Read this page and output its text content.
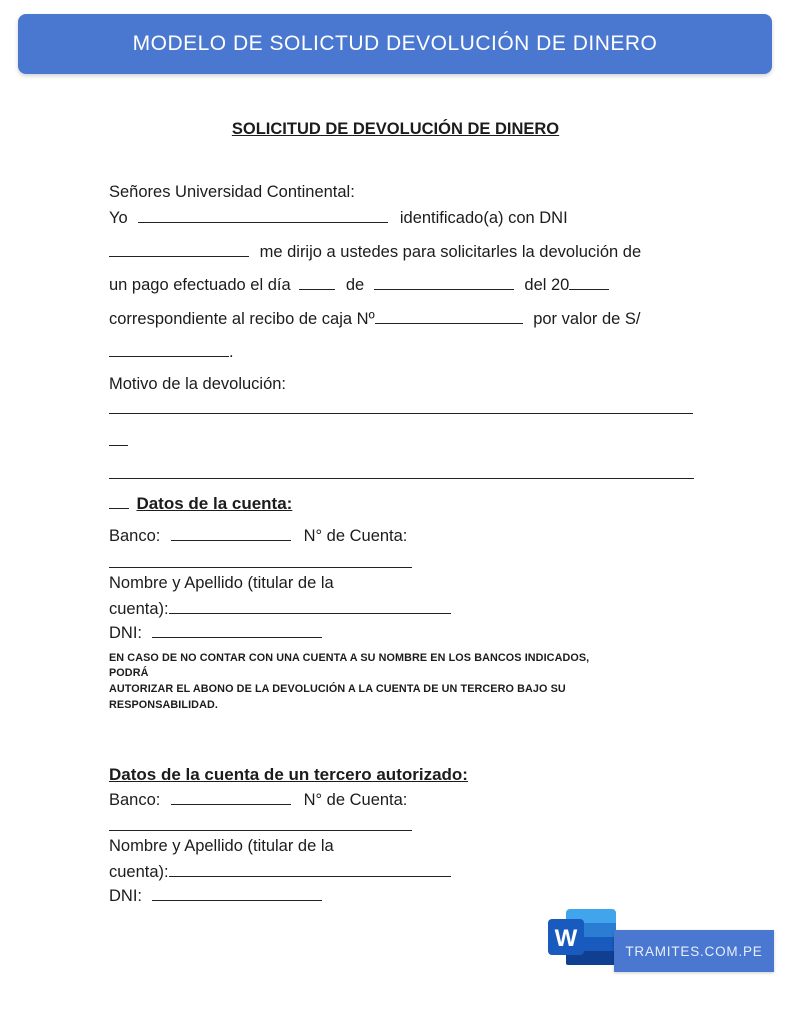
MODELO DE SOLICTUD DEVOLUCIÓN DE DINERO
SOLICITUD DE DEVOLUCIÓN DE DINERO
Señores Universidad Continental:
Yo	identificado(a) con DNI
me dirijo a ustedes para solicitarles la devolución de
un pago efectuado el día	de	del 20
correspondiente al recibo de caja Nº	por valor de S/
.
Motivo de la devolución:
Datos de la cuenta:
Banco:	N° de Cuenta:
Nombre y Apellido (titular de la
cuenta):
DNI:
EN CASO DE NO CONTAR CON UNA CUENTA A SU NOMBRE EN LOS BANCOS INDICADOS,
PODRÁ
AUTORIZAR EL ABONO DE LA DEVOLUCIÓN A LA CUENTA DE UN TERCERO BAJO SU
RESPONSABILIDAD.
Datos de la cuenta de un tercero autorizado:
Banco:	N° de Cuenta:
Nombre y Apellido (titular de la
cuenta):
DNI:
W	TRAMITES.COM.PE
